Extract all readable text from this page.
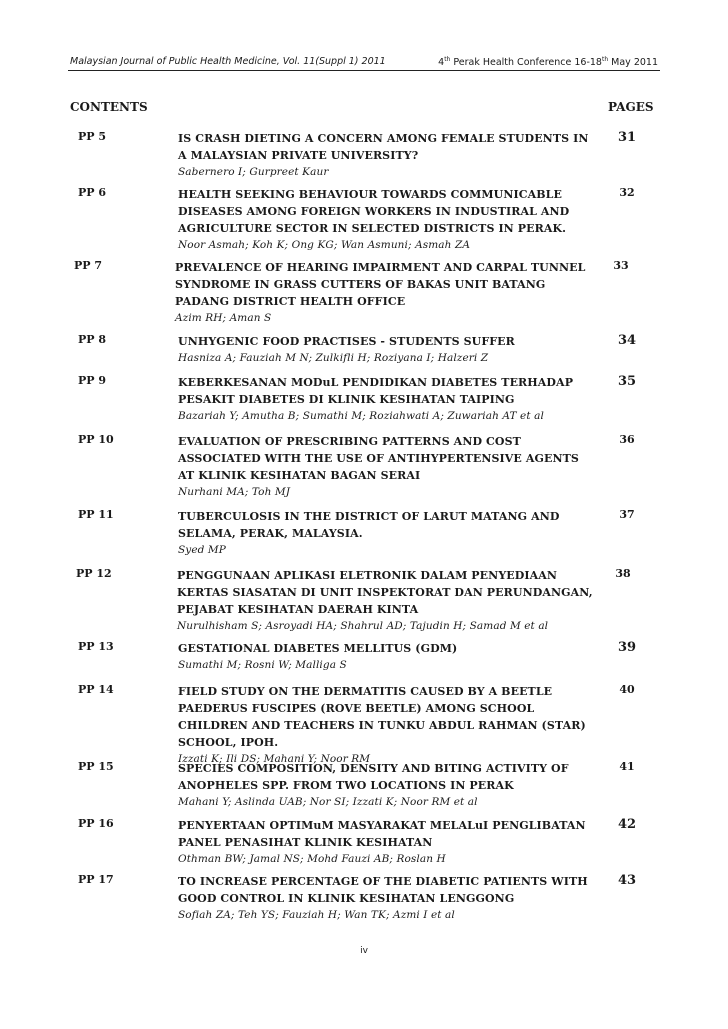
Malaysian Journal of Public Health Medicine, Vol. 11(Suppl 1) 2011	4th Perak Health Conference 16-18th May 2011
CONTENTS	PAGES
PP 5	IS CRASH DIETING A CONCERN AMONG FEMALE STUDENTS IN A MALAYSIAN PRIVATE UNIVERSITY?
Sabernero I; Gurpreet Kaur
31
PP 6	HEALTH SEEKING BEHAVIOUR TOWARDS COMMUNICABLE DISEASES AMONG FOREIGN WORKERS IN INDUSTIRAL AND AGRICULTURE SECTOR IN SELECTED DISTRICTS IN PERAK.
Noor Asmah; Koh K; Ong KG; Wan Asmuni; Asmah ZA
32
PP 7	PREVALENCE OF HEARING IMPAIRMENT AND CARPAL TUNNEL SYNDROME IN GRASS CUTTERS OF BAKAS UNIT BATANG PADANG DISTRICT HEALTH OFFICE
Azim RH; Aman S
33
PP 8	UNHYGENIC FOOD PRACTISES - STUDENTS SUFFER
Hasniza A; Fauziah M N; Zulkifli H; Roziyana I; Halzeri Z
34
PP 9	KEBERKESANAN MODuL PENDIDIKAN DIABETES TERHADAP PESAKIT DIABETES DI KLINIK KESIHATAN TAIPING
Bazariah Y; Amutha B; Sumathi M; Roziahwati A; Zuwariah AT et al
35
PP 10	EVALUATION OF PRESCRIBING PATTERNS AND COST ASSOCIATED WITH THE USE OF ANTIHYPERTENSIVE AGENTS AT KLINIK KESIHATAN BAGAN SERAI
Nurhani MA; Toh MJ
36
PP 11	TUBERCULOSIS IN THE DISTRICT OF LARUT MATANG AND SELAMA, PERAK, MALAYSIA.
Syed MP
37
PP 12	PENGGUNAAN APLIKASI ELETRONIK DALAM PENYEDIAAN KERTAS SIASATAN DI UNIT INSPEKTORAT DAN PERUNDANGAN, PEJABAT KESIHATAN DAERAH KINTA
Nurulhisham S; Asroyadi HA; Shahrul AD; Tajudin H; Samad M et al
38
PP 13	GESTATIONAL DIABETES MELLITUS (GDM)
Sumathi M; Rosni W; Malliga S
39
PP 14	FIELD STUDY ON THE DERMATITIS CAUSED BY A BEETLE PAEDERUS FUSCIPES (ROVE BEETLE) AMONG SCHOOL CHILDREN AND TEACHERS IN TUNKU ABDUL RAHMAN (STAR) SCHOOL, IPOH.
Izzati K; Ili DS; Mahani Y; Noor RM
40
PP 15	SPECIES COMPOSITION, DENSITY AND BITING ACTIVITY OF ANOPHELES SPP. FROM TWO LOCATIONS IN PERAK
Mahani Y; Aslinda UAB; Nor SI; Izzati K; Noor RM et al
41
PP 16	PENYERTAAN OPTIMuM MASYARAKAT MELALuI PENGLIBATAN PANEL PENASIHAT KLINIK KESIHATAN
Othman BW; Jamal NS; Mohd Fauzi AB; Roslan H
42
PP 17	TO INCREASE PERCENTAGE OF THE DIABETIC PATIENTS WITH GOOD CONTROL IN KLINIK KESIHATAN LENGGONG
Sofiah ZA; Teh YS; Fauziah H; Wan TK; Azmi I et al
43
iv
